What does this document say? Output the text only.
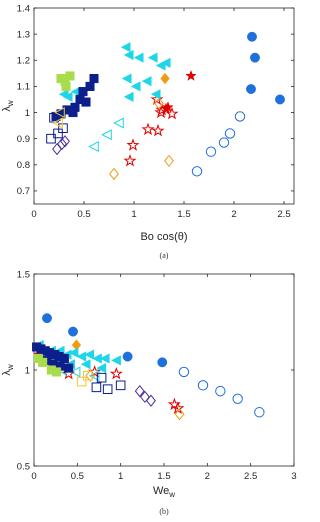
0	0.5	1	1.5	2	2.5
0.7
0.8
0.9
1
1.1
1.2
1.3
1.4
Bo cos(θ)
$\lambda_w$
(a)
0	0.5	1	1.5	2	2.5	3
0.5
1
1.5
$We_w$
$\lambda_w$
(b)
